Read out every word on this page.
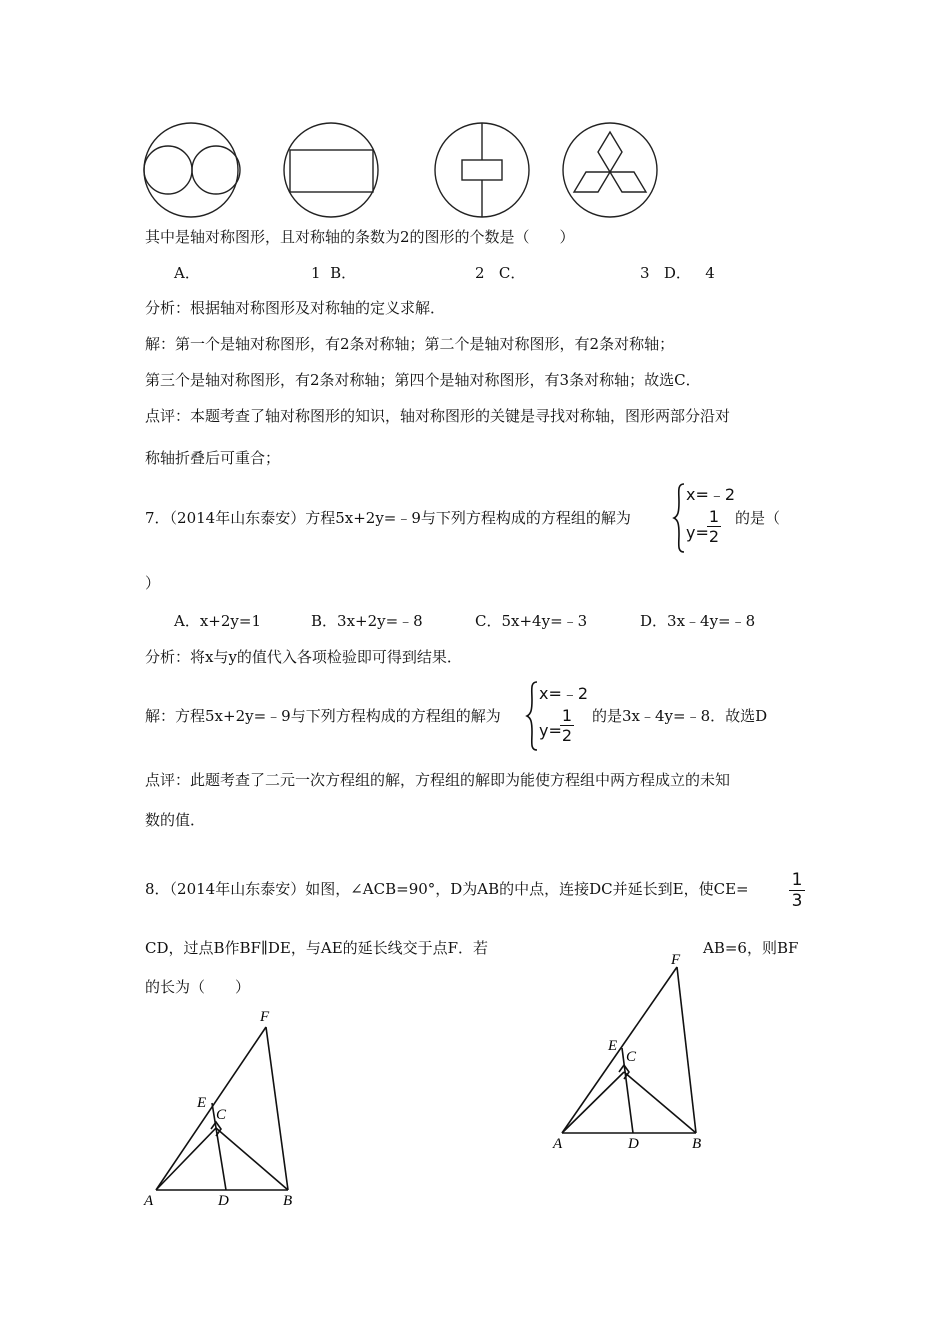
其中是轴对称图形，且对称轴的条数为2的图形的个数是（　　）
A．	1 B．	2 C．	3 D． 4
分析：根据轴对称图形及对称轴的定义求解．
解：第一个是轴对称图形，有2条对称轴；第二个是轴对称图形，有2条对称轴；
第三个是轴对称图形，有2条对称轴；第四个是轴对称图形，有3条对称轴；故选C．
点评：本题考查了轴对称图形的知识，轴对称图形的关键是寻找对称轴，图形两部分沿对
称轴折叠后可重合；
7．（2014年山东泰安）方程5x+2y=﹣9与下列方程构成的方程组的解为
x=﹣2
y=
$\frac{1}{2}$ 的是（
）
A．x+2y=1	B．3x+2y=﹣8	C．5x+4y=﹣3	D．3x﹣4y=﹣8
分析：将x与y的值代入各项检验即可得到结果．
解：方程5x+2y=﹣9与下列方程构成的方程组的解为
x=﹣2
y=
$\frac{1}{2}$ 的是3x﹣4y=﹣8．故选D
点评：此题考查了二元一次方程组的解，方程组的解即为能使方程组中两方程成立的未知
数的值．
8．（2014年山东泰安）如图，∠ACB=90°，D为AB的中点，连接DC并延长到E，使$CE= \frac{1}{3}$
CD，过点B作BF∥DE，与AE的延长线交于点F．若	AB=6，则BF
的长为（　　）
F
E
C
A	D	B
F
E
C
A	D	B
